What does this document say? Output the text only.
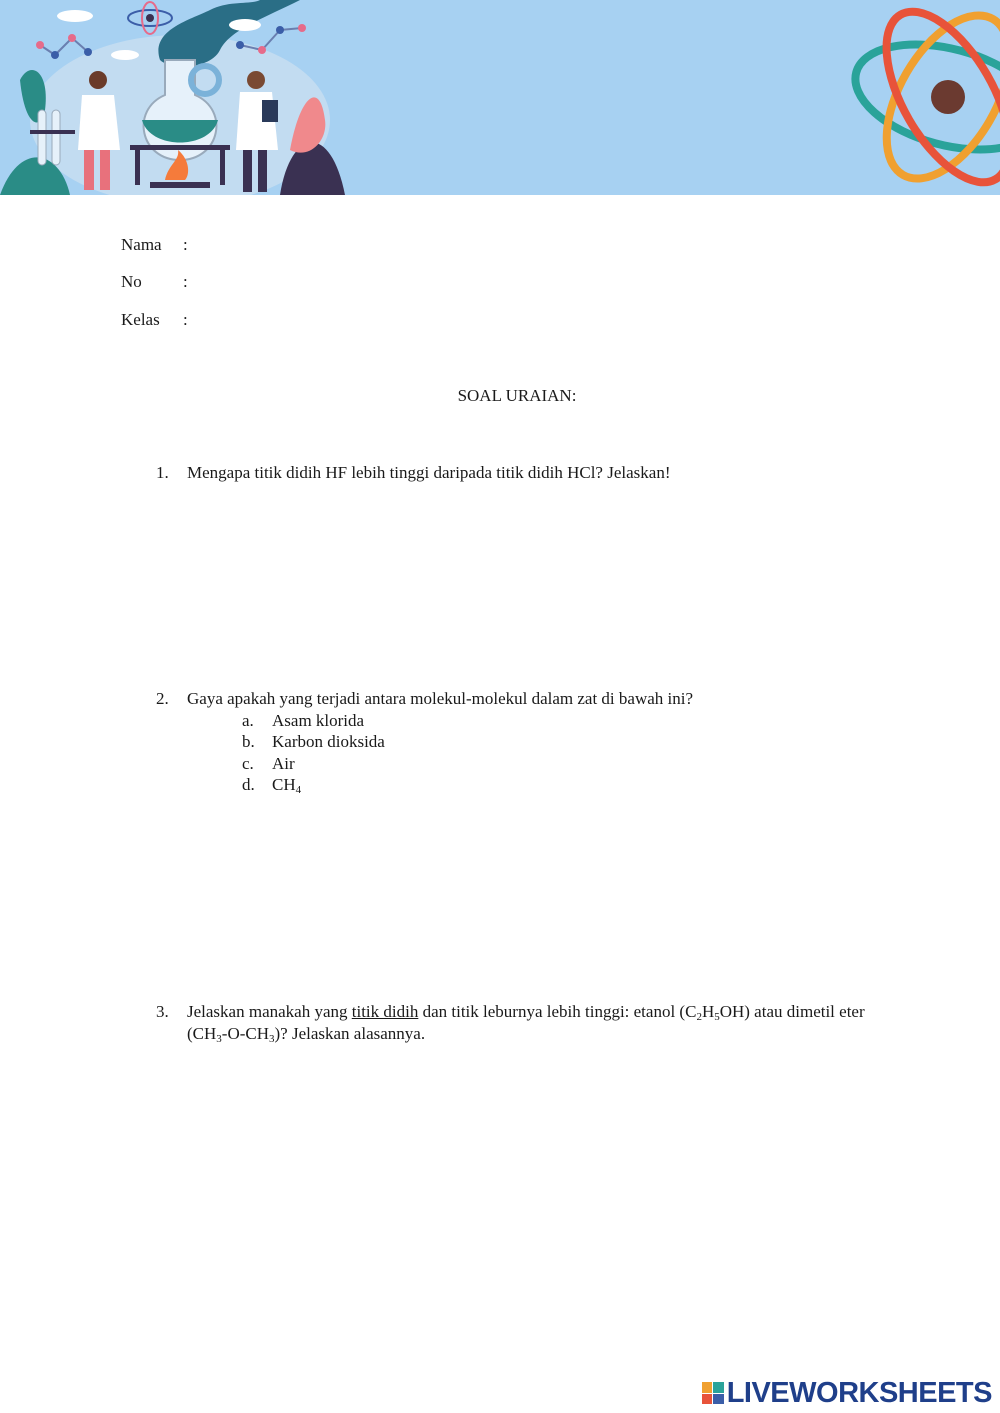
Nama :
No :
Kelas :
SOAL URAIAN:
1. Mengapa titik didih HF lebih tinggi daripada titik didih HCl? Jelaskan!
2. Gaya apakah yang terjadi antara molekul-molekul dalam zat di bawah ini?
a. Asam klorida
b. Karbon dioksida
c. Air
d. $CH_4$
3. Jelaskan manakah yang titik didih dan titik leburnya lebih tinggi: etanol $(C_2H_5OH)$ atau dimetil eter $(CH_3-O-CH_3)$? Jelaskan alasannya.
LIVEWORKSHEETS
